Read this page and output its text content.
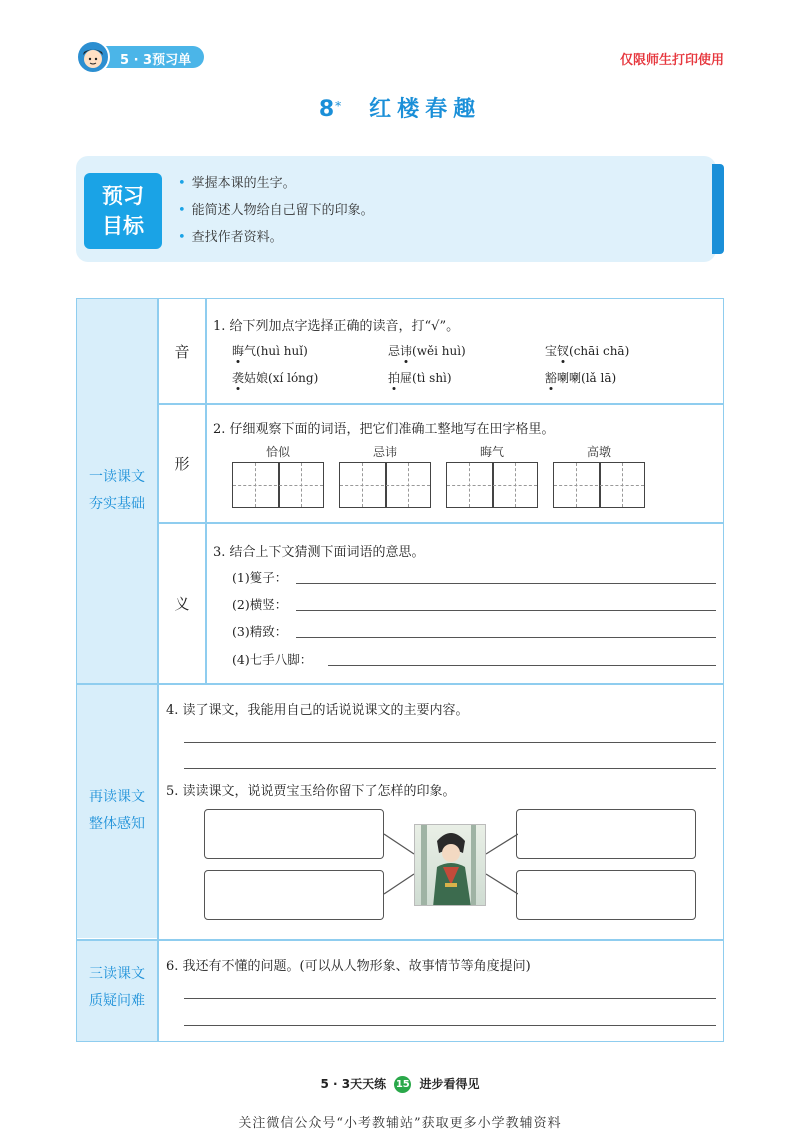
5 · 3预习单	仅限师生打印使用
8* 红楼春趣
预习
目标
• 掌握本课的生字。
• 能简述人物给自己留下的印象。
• 查找作者资料。
一读课文
夯实基础
再读课文
整体感知
三读课文
质疑问难
音
形
义
1. 给下列加点字选择正确的读音，打“√”。
晦气(huì huǐ)	忌讳(wěi huì)	宝钗(chāi chā)
袭姑娘(xí lóng)	拍屉(tì shì)	豁喇喇(lǎ lā)
2. 仔细观察下面的词语，把它们准确工整地写在田字格里。
恰似	忌讳	晦气	高墩
3. 结合上下文猜测下面词语的意思。
(1)篗子：
(2)横竖：
(3)精致：
(4)七手八脚：
4. 读了课文，我能用自己的话说说课文的主要内容。
5. 读读课文，说说贾宝玉给你留下了怎样的印象。
6. 我还有不懂的问题。(可以从人物形象、故事情节等角度提问)
5 · 3天天练 15 进步看得见
关注微信公众号“小考教辅站”获取更多小学教辅资料
